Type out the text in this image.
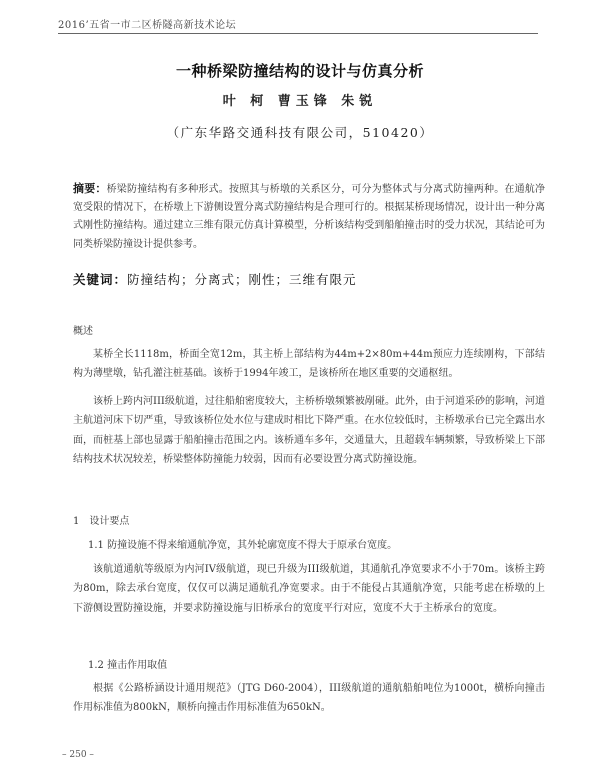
2016’五省一市二区桥隧高新技术论坛
一种桥梁防撞结构的设计与仿真分析
叶 柯 曹玉锋 朱锐
（广东华路交通科技有限公司，510420）

摘要：桥梁防撞结构有多种形式。按照其与桥墩的关系区分，可分为整体式与分离式防撞两种。在通航净宽受限的情况下，在桥墩上下游侧设置分离式防撞结构是合理可行的。根据某桥现场情况，设计出一种分离式刚性防撞结构。通过建立三维有限元仿真计算模型，分析该结构受到船舶撞击时的受力状况，其结论可为同类桥梁防撞设计提供参考。

关键词：防撞结构；分离式；刚性；三维有限元
概述

某桥全长1118m，桥面全宽12m，其主桥上部结构为44m+2×80m+44m预应力连续刚构，下部结构为薄壁墩，钻孔灌注桩基础。该桥于1994年竣工，是该桥所在地区重要的交通枢纽。

该桥上跨内河III级航道，过往船舶密度较大，主桥桥墩频繁被剐碰。此外，由于河道采砂的影响，河道主航道河床下切严重，导致该桥位处水位与建成时相比下降严重。在水位较低时，主桥墩承台已完全露出水面，而桩基上部也显露于船舶撞击范围之内。该桥通车多年，交通量大，且超载车辆频繁，导致桥梁上下部结构技术状况较差，桥梁整体防撞能力较弱，因而有必要设置分离式防撞设施。

1　设计要点
1.1 防撞设施不得来缩通航净宽，其外轮廓宽度不得大于原承台宽度。

该航道通航等级原为内河IV级航道，现已升级为III级航道，其通航孔净宽要求不小于70m。该桥主跨为80m，除去承台宽度，仅仅可以满足通航孔净宽要求。由于不能侵占其通航净宽，只能考虑在桥墩的上下游侧设置防撞设施，并要求防撞设施与旧桥承台的宽度平行对应，宽度不大于主桥承台的宽度。

1.2 撞击作用取值

根据《公路桥涵设计通用规范》（JTG D60-2004），III级航道的通航船舶吨位为1000t，横桥向撞击作用标准值为800kN，顺桥向撞击作用标准值为650kN。

– 250 –
